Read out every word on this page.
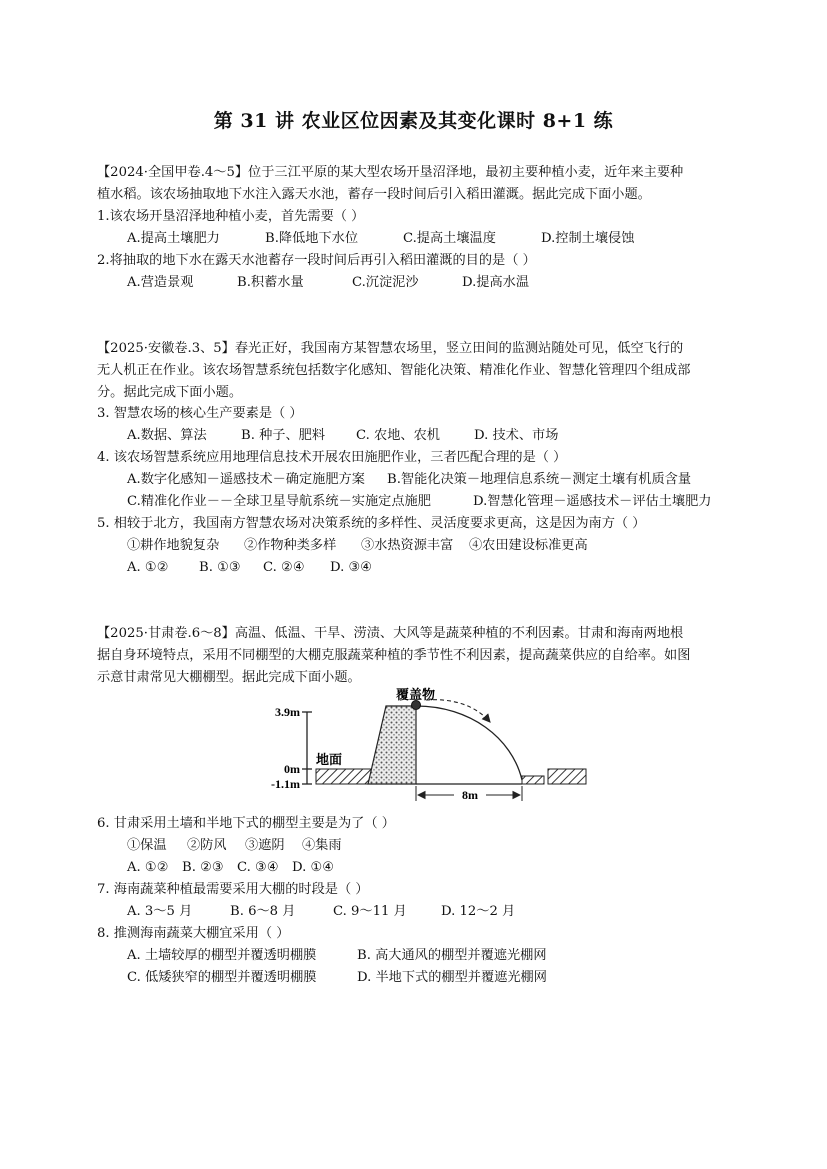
第 31 讲 农业区位因素及其变化课时 8+1 练
【2024·全国甲卷.4～5】位于三江平原的某大型农场开垦沼泽地，最初主要种植小麦，近年来主要种
植水稻。该农场抽取地下水注入露天水池，蓄存一段时间后引入稻田灌溉。据此完成下面小题。
1.该农场开垦沼泽地种植小麦，首先需要（ ）
A.提高土壤肥力	B.降低地下水位	C.提高土壤温度	D.控制土壤侵蚀
2.将抽取的地下水在露天水池蓄存一段时间后再引入稻田灌溉的目的是（ ）
A.营造景观	B.积蓄水量	C.沉淀泥沙	D.提高水温
【2025·安徽卷.3、5】春光正好，我国南方某智慧农场里，竖立田间的监测站随处可见，低空飞行的
无人机正在作业。该农场智慧系统包括数字化感知、智能化决策、精准化作业、智慧化管理四个组成部
分。据此完成下面小题。
3. 智慧农场的核心生产要素是（ ）
A.数据、算法	B. 种子、肥料 C. 农地、农机	D. 技术、市场
4. 该农场智慧系统应用地理信息技术开展农田施肥作业，三者匹配合理的是（ ）
A.数字化感知－遥感技术－确定施肥方案 B.智能化决策－地理信息系统－测定土壤有机质含量
C.精准化作业－－全球卫星导航系统－实施定点施肥	D.智慧化管理－遥感技术－评估土壤肥力
5. 相较于北方，我国南方智慧农场对决策系统的多样性、灵活度要求更高，这是因为南方（ ）
①耕作地貌复杂 ②作物种类多样 ③水热资源丰富 ④农田建设标准更高
A. ①② B. ①③ C. ②④ D. ③④
【2025·甘肃卷.6～8】高温、低温、干旱、涝渍、大风等是蔬菜种植的不利因素。甘肃和海南两地根
据自身环境特点，采用不同棚型的大棚克服蔬菜种植的季节性不利因素，提高蔬菜供应的自给率。如图
示意甘肃常见大棚棚型。据此完成下面小题。
3.9m
0m
-1.1m
地面
覆盖物
8m
6. 甘肃采用土墙和半地下式的棚型主要是为了（ ）
①保温 ②防风 ③遮阴 ④集雨
A. ①② B. ②③ C. ③④ D. ①④
7. 海南蔬菜种植最需要采用大棚的时段是（ ）
A. 3～5 月	B. 6～8 月	C. 9～11 月	D. 12～2 月
8. 推测海南蔬菜大棚宜采用（ ）
A. 土墙较厚的棚型并覆透明棚膜	B. 高大通风的棚型并覆遮光棚网
C. 低矮狭窄的棚型并覆透明棚膜	D. 半地下式的棚型并覆遮光棚网
